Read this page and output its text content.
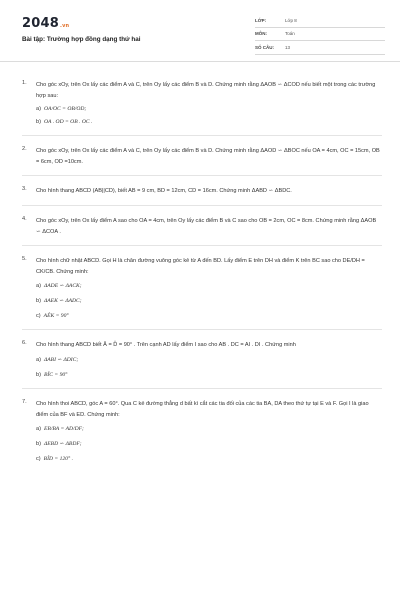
2048.vn
Bài tập: Trường hợp đồng dạng thứ hai
LỚP:	Lớp 8
MÔN:	Toán
SỐ CÂU:	13
1. Cho góc xOy, trên Ox lấy các điểm A và C, trên Oy lấy các điểm B và D. Chứng minh rằng ΔAOB ∽ ΔCOD nếu biết một trong các trường hợp sau:
a) OA/OC = OB/OD;
b) OA . OD = OB . OC .
2. Cho góc xOy, trên Ox lấy các điểm A và C, trên Oy lấy các điểm B và D. Chứng minh rằng ΔAOD ∽ ΔBOC nếu OA = 4cm, OC = 15cm, OB = 6cm, OD =10cm.
3. Cho hình thang ABCD (AB||CD), biết AB = 9 cm, BD = 12cm, CD = 16cm. Chứng minh ΔABD ∽ ΔBDC.
4. Cho góc xOy, trên Ox lấy điểm A sao cho OA = 4cm, trên Oy lấy các điểm B và C sao cho OB = 2cm, OC = 8cm. Chứng minh rằng ΔAOB ∽ ΔCOA .
5. Cho hình chữ nhật ABCD. Gọi H là chân đường vuông góc kẻ từ A đến BD. Lấy điểm E trên DH và điểm K trên BC sao cho DE/DH = CK/CB. Chứng minh:
a) ΔADE ∽ ΔACK;
b) ΔAEK ∽ ΔADC;
c) AÊK = 90°
6. Cho hình thang ABCD biết Â = D̂ = 90° . Trên cạnh AD lấy điểm I sao cho AB . DC = AI . DI . Chứng minh
a) ΔABI ∽ ΔDIC;
b) BÎC = 90°
7. Cho hình thoi ABCD, góc A = 60°. Qua C kẻ đường thẳng d bất kì cắt các tia đối của các tia BA, DA theo thứ tự tại E và F. Gọi I là giao điểm của BF và ED. Chứng minh:
a) EB/BA = AD/DF;
b) ΔEBD ∽ ΔBDF;
c) BÎD = 120° .
